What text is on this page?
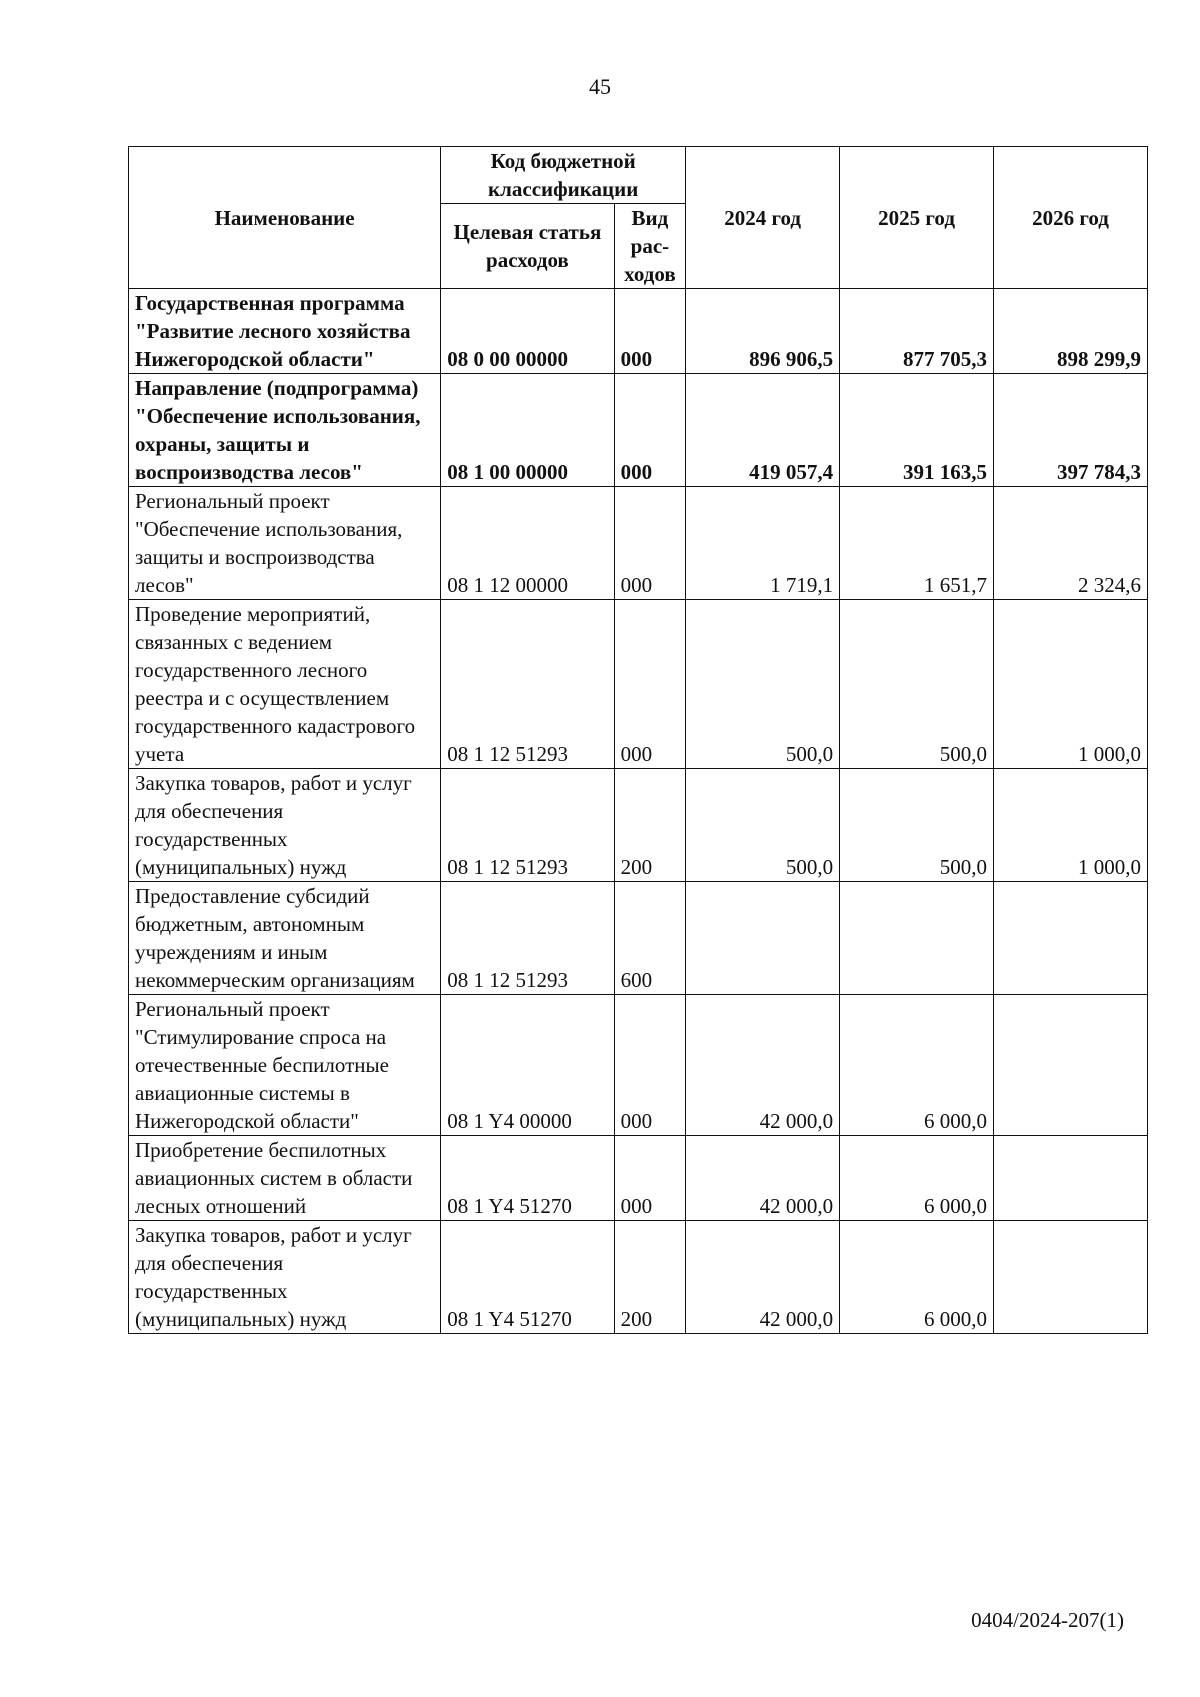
45
Наименование	Код бюджетной классификации		2024 год	2025 год	2026 год
	Целевая статья расходов	Вид рас- ходов			
Государственная программа "Развитие лесного хозяйства Нижегородской области"	08 0 00 00000	000	896 906,5	877 705,3	898 299,9
Направление (подпрограмма) "Обеспечение использования, охраны, защиты и воспроизводства лесов"	08 1 00 00000	000	419 057,4	391 163,5	397 784,3
Региональный проект "Обеспечение использования, защиты и воспроизводства лесов"	08 1 12 00000	000	1 719,1	1 651,7	2 324,6
Проведение мероприятий, связанных с ведением государственного лесного реестра и с осуществлением государственного кадастрового учета	08 1 12 51293	000	500,0	500,0	1 000,0
Закупка товаров, работ и услуг для обеспечения государственных (муниципальных) нужд	08 1 12 51293	200	500,0	500,0	1 000,0
Предоставление субсидий бюджетным, автономным учреждениям и иным некоммерческим организациям	08 1 12 51293	600			
Региональный проект "Стимулирование спроса на отечественные беспилотные авиационные системы в Нижегородской области"	08 1 Y4 00000	000	42 000,0	6 000,0	
Приобретение беспилотных авиационных систем в области лесных отношений	08 1 Y4 51270	000	42 000,0	6 000,0	
Закупка товаров, работ и услуг для обеспечения государственных (муниципальных) нужд	08 1 Y4 51270	200	42 000,0	6 000,0	
0404/2024-207(1)
